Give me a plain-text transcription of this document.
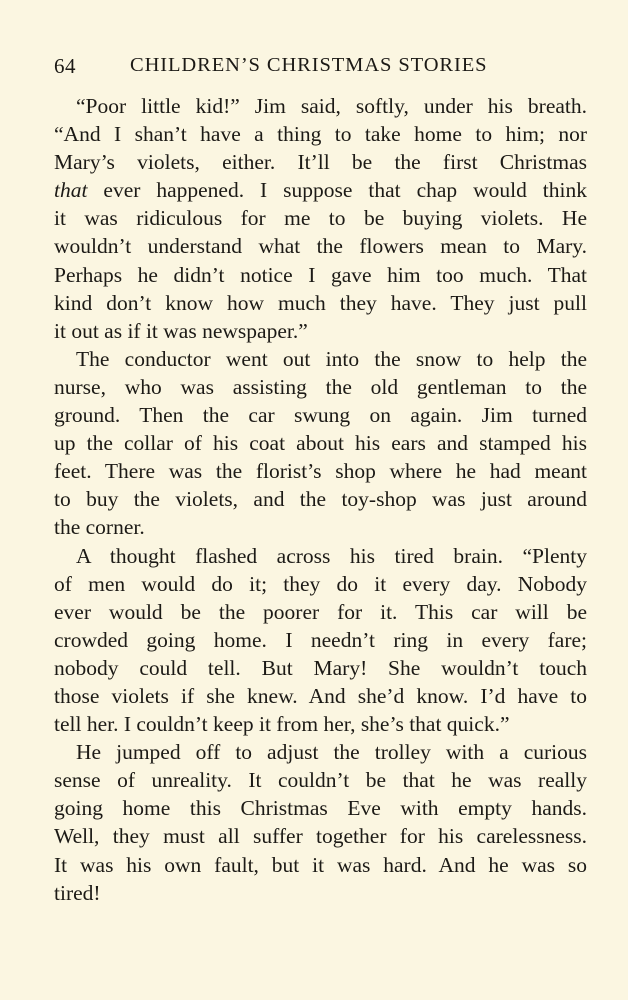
64	CHILDREN’S CHRISTMAS STORIES

“Poor little kid!” Jim said, softly, under his breath.
“And I shan’t have a thing to take home to him; nor
Mary’s violets, either. It’ll be the first Christmas
that ever happened. I suppose that chap would think
it was ridiculous for me to be buying violets. He
wouldn’t understand what the flowers mean to Mary.
Perhaps he didn’t notice I gave him too much. That
kind don’t know how much they have. They just pull
it out as if it was newspaper.”

The conductor went out into the snow to help the
nurse, who was assisting the old gentleman to the
ground. Then the car swung on again. Jim turned
up the collar of his coat about his ears and stamped his
feet. There was the florist’s shop where he had meant
to buy the violets, and the toy-shop was just around
the corner.

A thought flashed across his tired brain. “Plenty
of men would do it; they do it every day. Nobody
ever would be the poorer for it. This car will be
crowded going home. I needn’t ring in every fare;
nobody could tell. But Mary! She wouldn’t touch
those violets if she knew. And she’d know. I’d have to
tell her. I couldn’t keep it from her, she’s that quick.”

He jumped off to adjust the trolley with a curious
sense of unreality. It couldn’t be that he was really
going home this Christmas Eve with empty hands.
Well, they must all suffer together for his carelessness.
It was his own fault, but it was hard. And he was so
tired!
